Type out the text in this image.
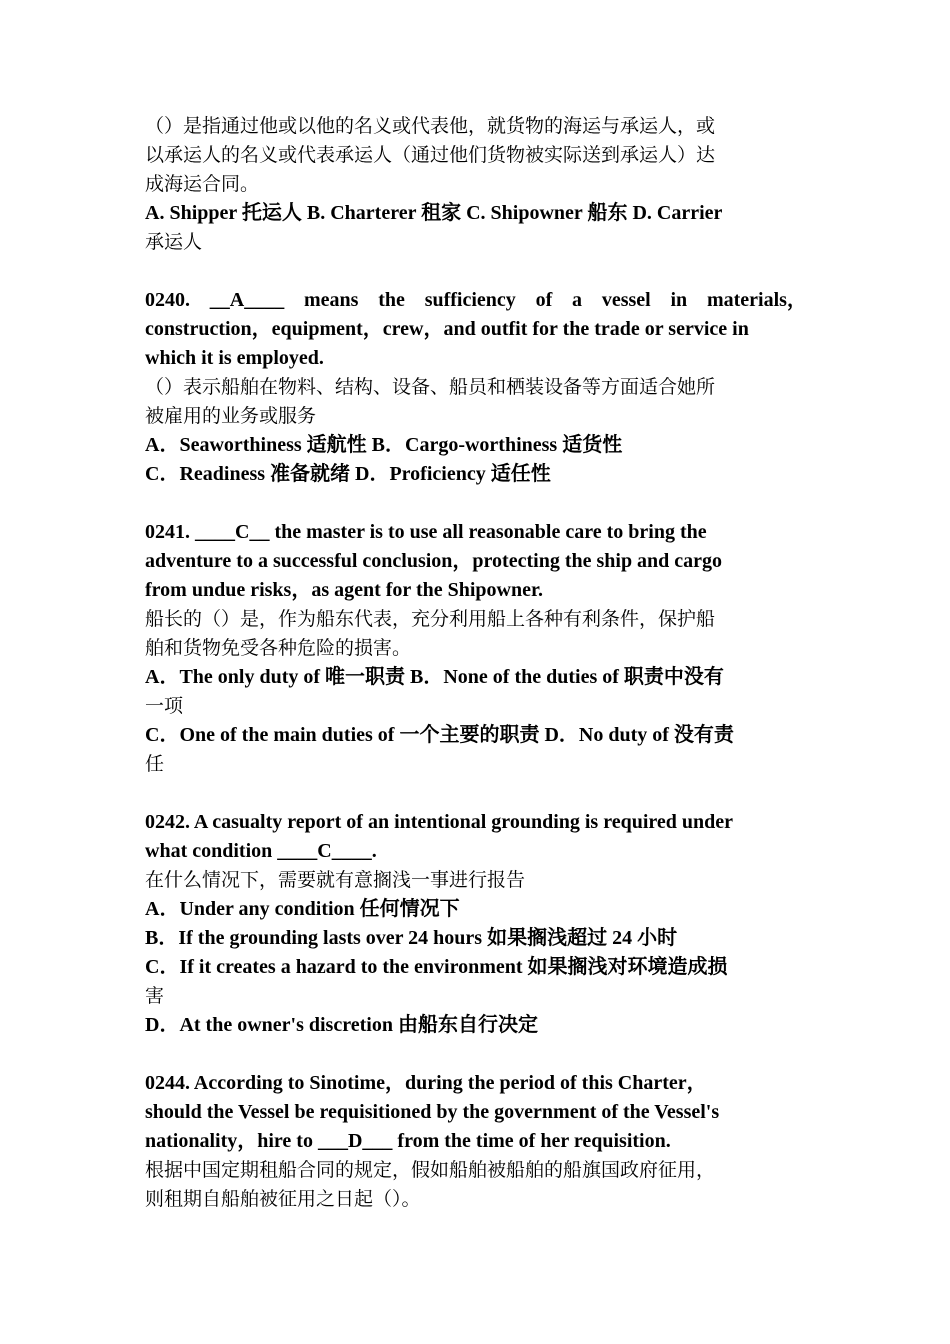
（）是指通过他或以他的名义或代表他，就货物的海运与承运人，或
以承运人的名义或代表承运人（通过他们货物被实际送到承运人）达
成海运合同。
A. Shipper 托运人 B. Charterer 租家 C. Shipowner 船东 D. Carrier
承运人
0240. __A____ means the sufficiency of a vessel in materials，
construction，equipment，crew，and outfit for the trade or service in
which it is employed.
（）表示船舶在物料、结构、设备、船员和栖装设备等方面适合她所
被雇用的业务或服务
A．Seaworthiness 适航性 B．Cargo-worthiness 适货性
C．Readiness 准备就绪 D．Proficiency 适任性
0241. ____C__ the master is to use all reasonable care to bring the
adventure to a successful conclusion，protecting the ship and cargo
from undue risks，as agent for the Shipowner.
船长的（）是，作为船东代表，充分利用船上各种有利条件，保护船
舶和货物免受各种危险的损害。
A．The only duty of 唯一职责 B．None of the duties of 职责中没有
一项
C．One of the main duties of 一个主要的职责 D．No duty of 没有责
任
0242. A casualty report of an intentional grounding is required under
what condition ____C____.
在什么情况下，需要就有意搁浅一事进行报告
A．Under any condition 任何情况下
B．If the grounding lasts over 24 hours 如果搁浅超过 24 小时
C．If it creates a hazard to the environment 如果搁浅对环境造成损
害
D．At the owner's discretion 由船东自行决定
0244. According to Sinotime，during the period of this Charter，
should the Vessel be requisitioned by the government of the Vessel's
nationality，hire to ___D___ from the time of her requisition.
根据中国定期租船合同的规定，假如船舶被船舶的船旗国政府征用，
则租期自船舶被征用之日起（）。
